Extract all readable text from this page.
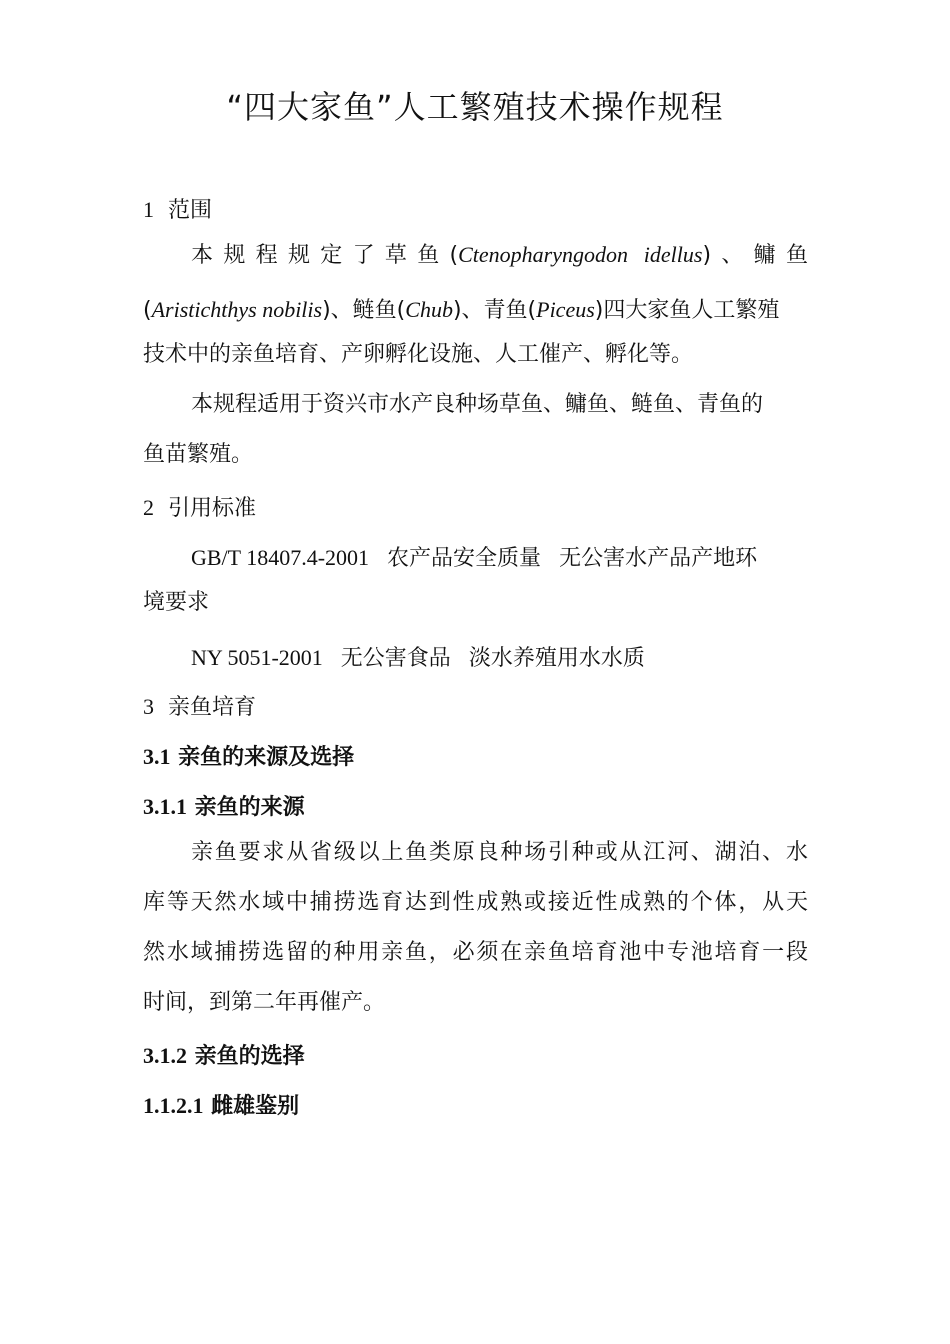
“四大家鱼”人工繁殖技术操作规程
1 范围
本规程规定了草鱼(Ctenopharyngodon idellus)、鳙鱼
(Aristichthys nobilis)、鲢鱼(Chub)、青鱼(Piceus)四大家鱼人工繁殖
技术中的亲鱼培育、产卵孵化设施、人工催产、孵化等。
本规程适用于资兴市水产良种场草鱼、鳙鱼、鲢鱼、青鱼的
鱼苗繁殖。
2 引用标准
GB/T 18407.4-2001 农产品安全质量 无公害水产品产地环
境要求
NY 5051-2001 无公害食品 淡水养殖用水水质
3 亲鱼培育
3.1 亲鱼的来源及选择
3.1.1 亲鱼的来源
亲鱼要求从省级以上鱼类原良种场引种或从江河、湖泊、水
库等天然水域中捕捞选育达到性成熟或接近性成熟的个体，从天
然水域捕捞选留的种用亲鱼，必须在亲鱼培育池中专池培育一段
时间，到第二年再催产。
3.1.2 亲鱼的选择
1.1.2.1 雌雄鉴别
